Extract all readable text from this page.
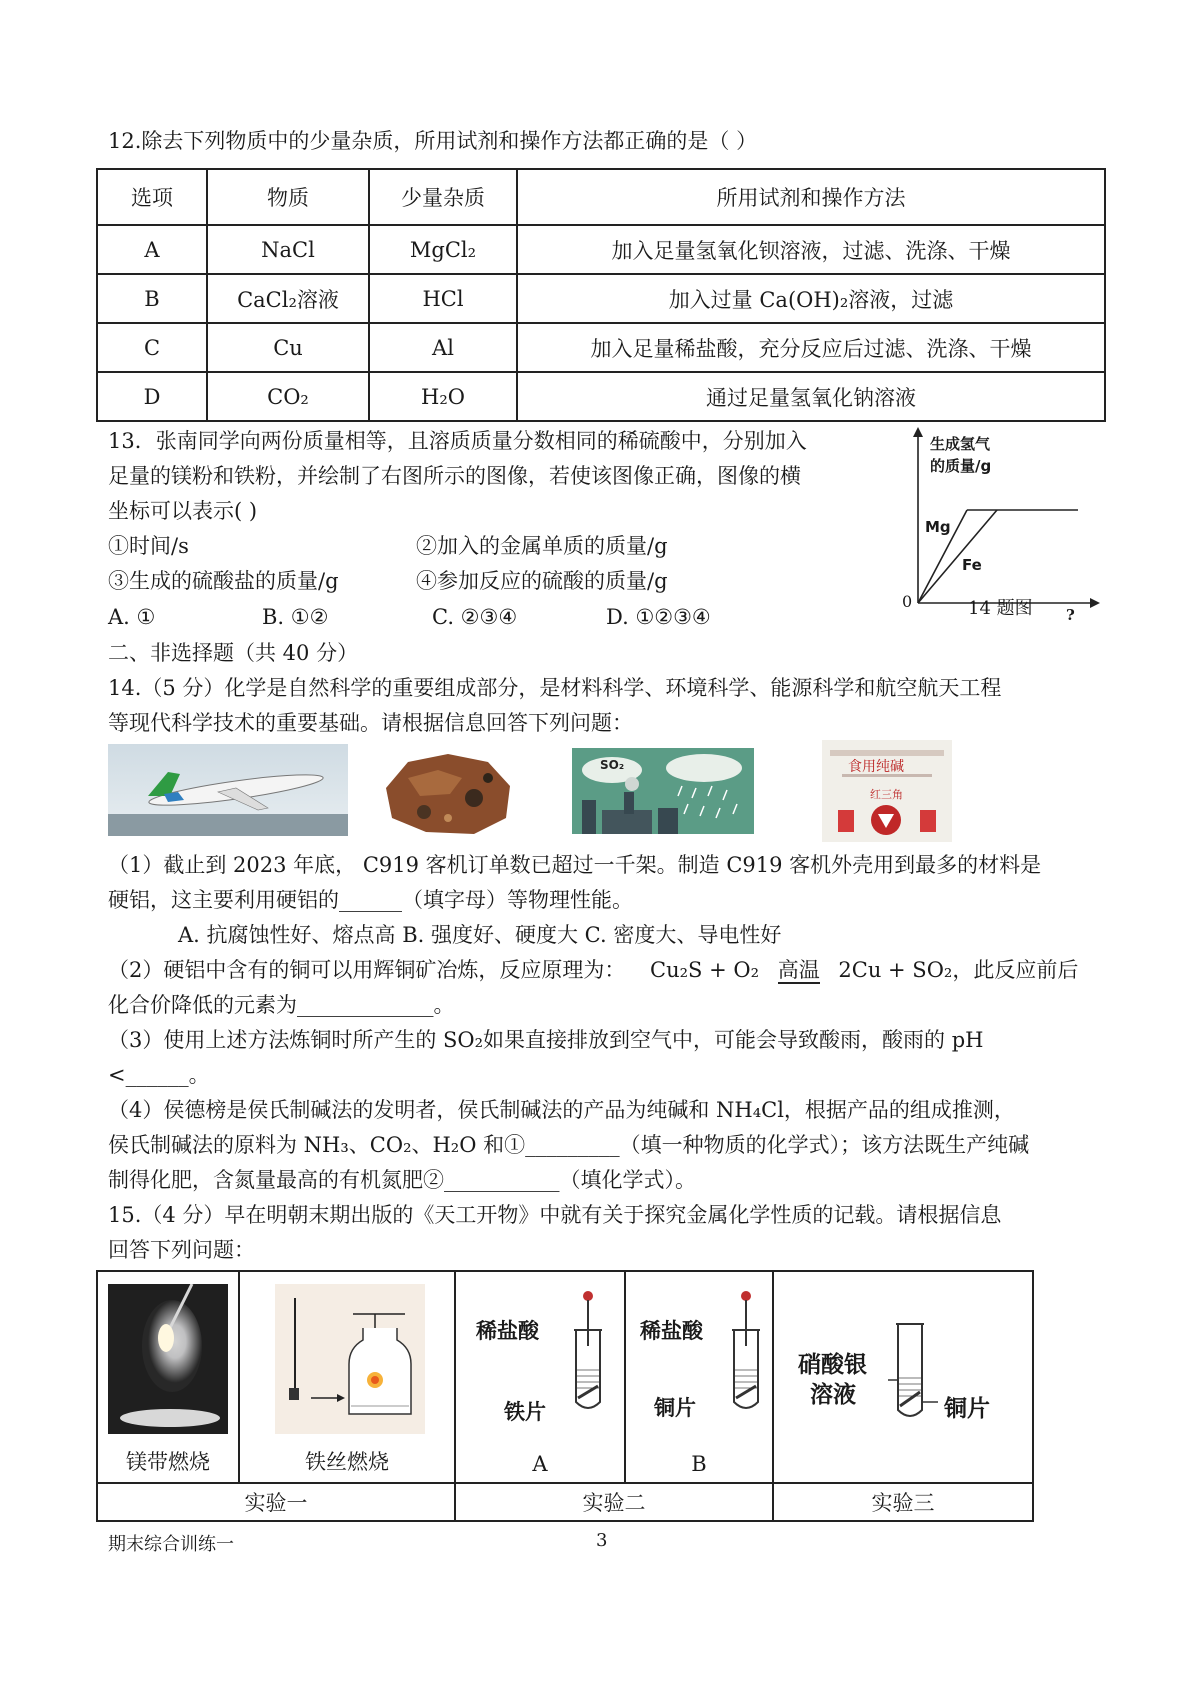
12.除去下列物质中的少量杂质，所用试剂和操作方法都正确的是（ ）
选项	物质	少量杂质	所用试剂和操作方法
A	NaCl	MgCl₂	加入足量氢氧化钡溶液，过滤、洗涤、干燥
B	CaCl₂溶液	HCl	加入过量 Ca(OH)₂溶液，过滤
C	Cu	Al	加入足量稀盐酸，充分反应后过滤、洗涤、干燥
D	CO₂	H₂O	通过足量氢氧化钠溶液
13．张南同学向两份质量相等，且溶质质量分数相同的稀硫酸中，分别加入
足量的镁粉和铁粉，并绘制了右图所示的图像，若使该图像正确，图像的横
坐标可以表示( )
①时间/s	②加入的金属单质的质量/g
③生成的硫酸盐的质量/g	④参加反应的硫酸的质量/g
A. ①	B. ①②	C. ②③④	D. ①②③④
生成氢气
的质量/g
Mg
Fe
0	14 题图 ?
二、非选择题（共 40 分）
14.（5 分）化学是自然科学的重要组成部分，是材料科学、环境科学、能源科学和航空航天工程
等现代科学技术的重要基础。请根据信息回答下列问题：
SO₂	食用纯碱
红三角
（1）截止到 2023 年底， C919 客机订单数已超过一千架。制造 C919 客机外壳用到最多的材料是
硬铝，这主要利用硬铝的______（填字母）等物理性能。
A. 抗腐蚀性好、熔点高 B. 强度好、硬度大 C. 密度大、导电性好
（2）硬铝中含有的铜可以用辉铜矿冶炼，反应原理为： Cu₂S + O₂ 高温 2Cu + SO₂，此反应前后
化合价降低的元素为_____________。
（3）使用上述方法炼铜时所产生的 SO₂如果直接排放到空气中，可能会导致酸雨，酸雨的 pH
<______。
（4）侯德榜是侯氏制碱法的发明者，侯氏制碱法的产品为纯碱和 NH₄Cl，根据产品的组成推测，
侯氏制碱法的原料为 NH₃、CO₂、H₂O 和①_________（填一种物质的化学式）；该方法既生产纯碱
制得化肥，含氮量最高的有机氮肥②___________（填化学式）。
15.（4 分）早在明朝末期出版的《天工开物》中就有关于探究金属化学性质的记载。请根据信息
回答下列问题：
镁带燃烧	铁丝燃烧	A	B	

实验一		实验二		实验三
稀盐酸
铁片
稀盐酸
铜片
硝酸银
溶液
铜片
期末综合训练一	3
